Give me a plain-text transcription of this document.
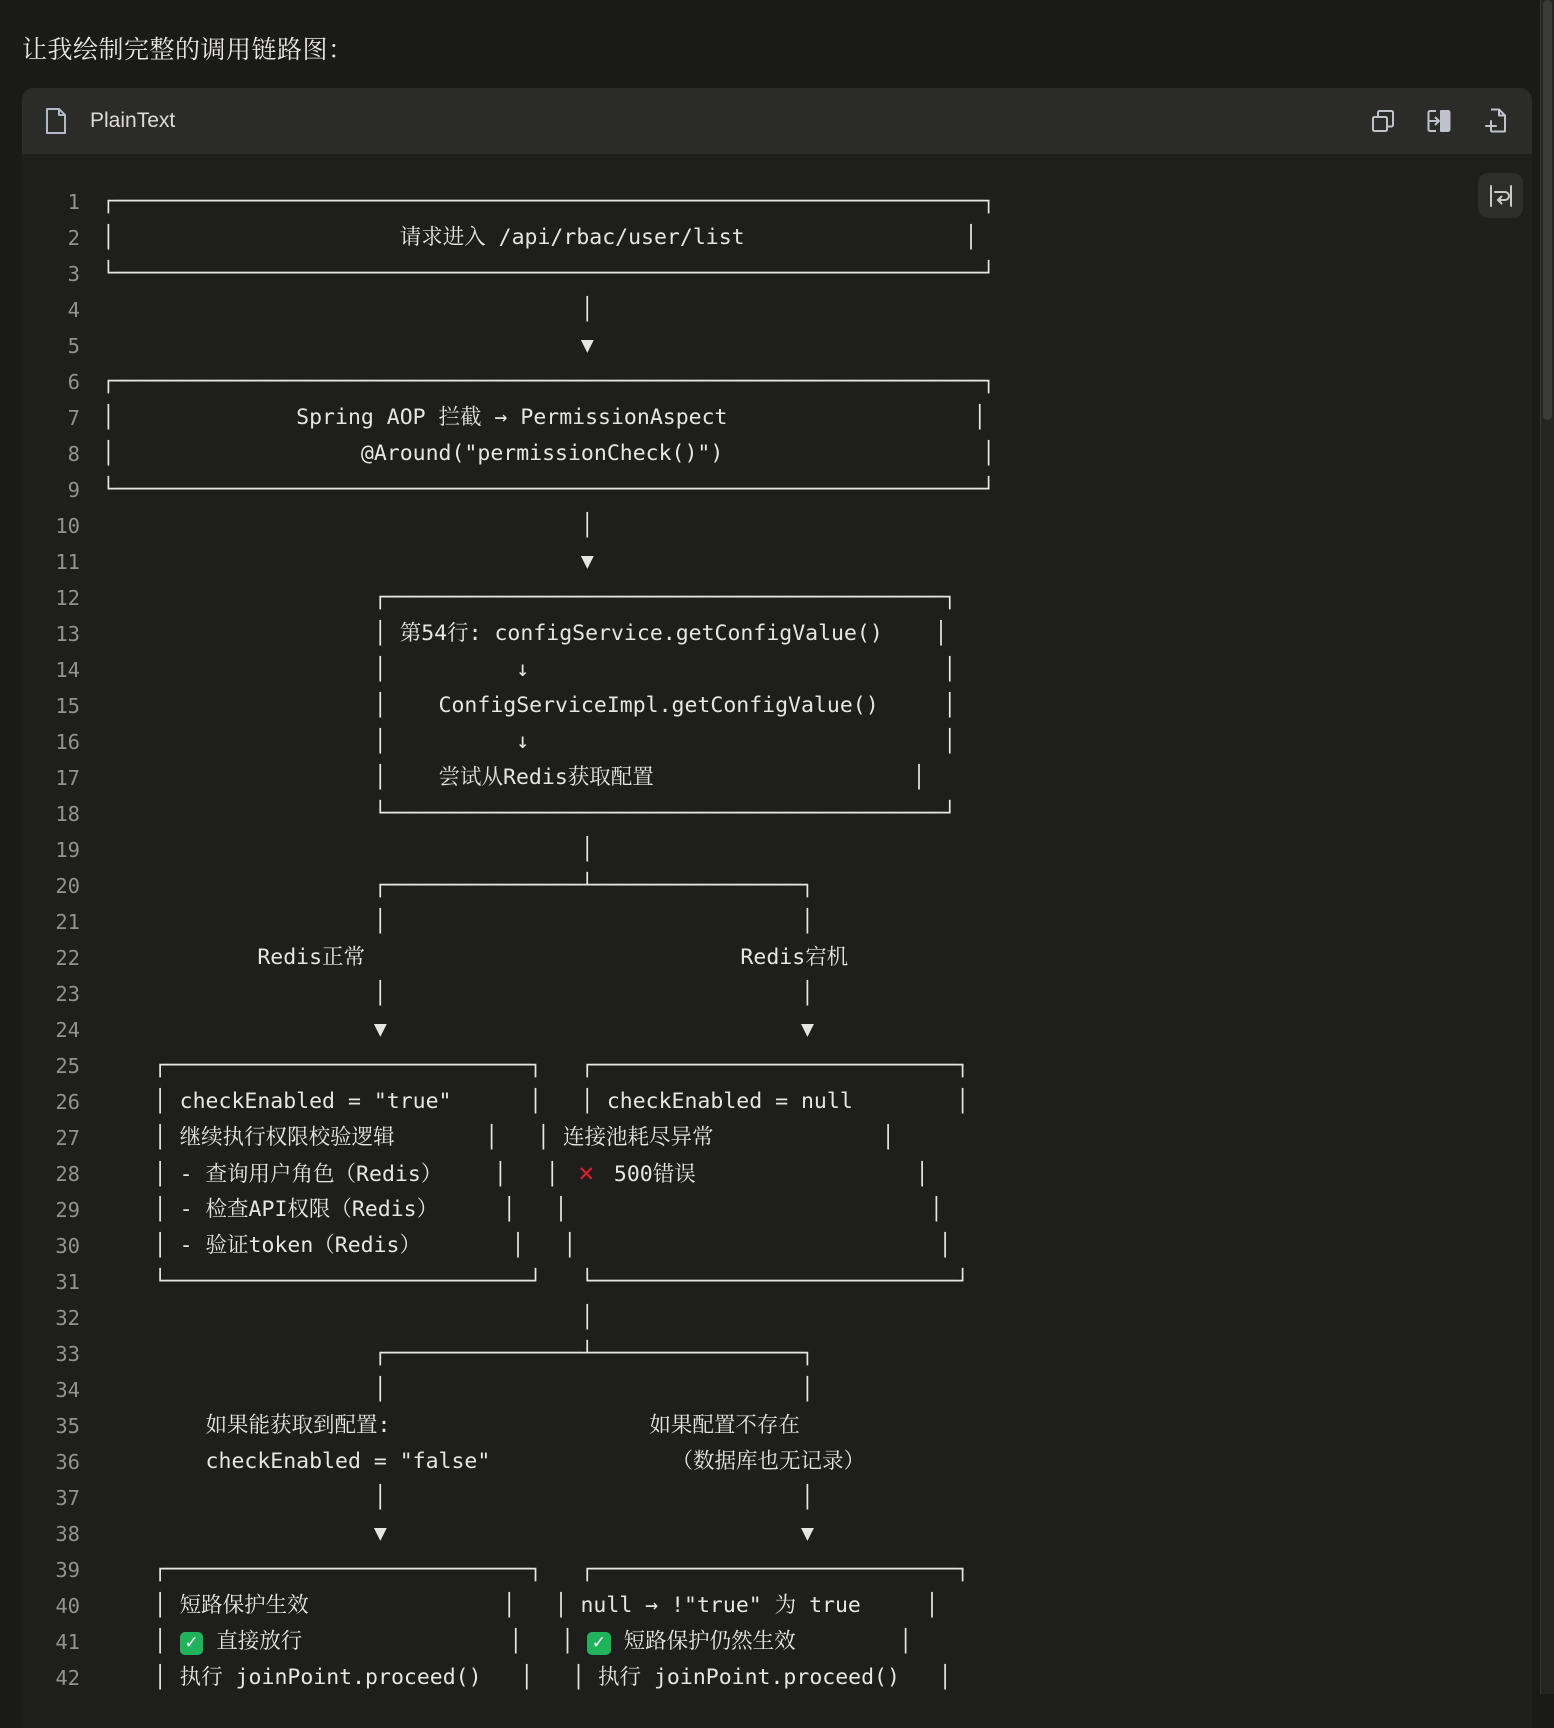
让我绘制完整的调用链路图：
PlainText
1 ┌───────────────────────────────────────────────────────────────────┐
2 │                      请求进入 /api/rbac/user/list                 │
3 └───────────────────────────────────────────────────────────────────┘
4 │
5 ▼
6 ┌───────────────────────────────────────────────────────────────────┐
7 │              Spring AOP 拦截 → PermissionAspect                   │
8 │                   @Around("permissionCheck()")                    │
9 └───────────────────────────────────────────────────────────────────┘
10 │
11 ▼
12 ┌───────────────────────────────────────────┐
13 │ 第54行: configService.getConfigValue()    │
14 │          ↓                                │
15 │    ConfigServiceImpl.getConfigValue()     │
16 │          ↓                                │
17 │    尝试从Redis获取配置                    │
18 └───────────────────────────────────────────┘
19 │
20 ┌───────────────┴────────────────┐
21 │                                │
22 Redis正常                             Redis宕机
23 │                                │
24 ▼                                ▼
25 ┌────────────────────────────┐   ┌────────────────────────────┐
26 │ checkEnabled = "true"      │   │ checkEnabled = null        │
27 │ 继续执行权限校验逻辑       │   │ 连接池耗尽异常             │
28 │ - 查询用户角色（Redis）    │   │ ✕ 500错误                 │
29 │ - 检查API权限（Redis）     │   │                            │
30 │ - 验证token（Redis）       │   │                            │
31 └────────────────────────────┘   └────────────────────────────┘
32 │
33 ┌───────────────┴────────────────┐
34 │                                │
35 如果能获取到配置:                    如果配置不存在
36 checkEnabled = "false"              （数据库也无记录）
37 │                                │
38 ▼                                ▼
39 ┌────────────────────────────┐   ┌────────────────────────────┐
40 │ 短路保护生效               │   │ null → !"true" 为 true     │
41 │ ✓ 直接放行                │   │ ✓ 短路保护仍然生效        │
42 │ 执行 joinPoint.proceed()   │   │ 执行 joinPoint.proceed()   │
